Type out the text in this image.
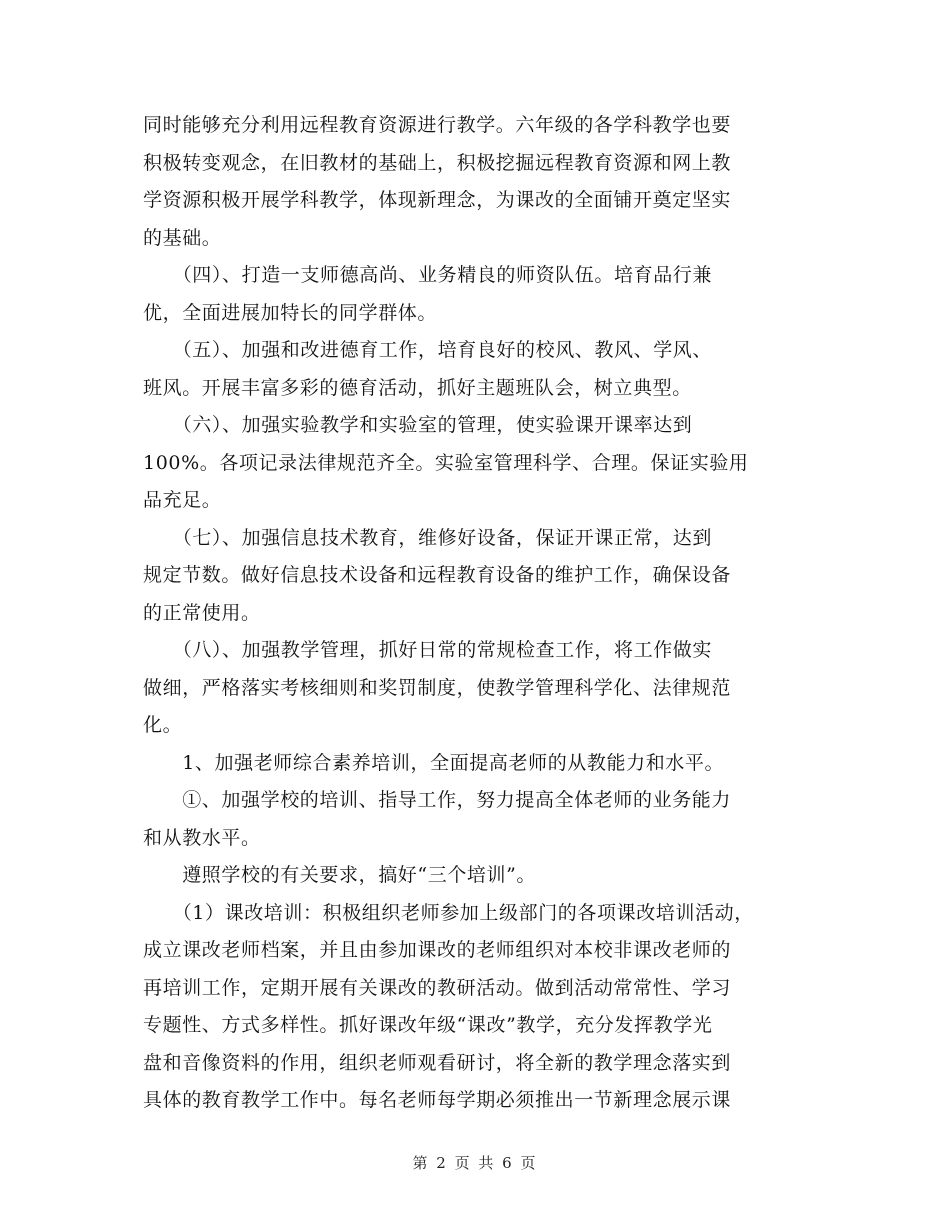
同时能够充分利用远程教育资源进行教学。六年级的各学科教学也要
积极转变观念，在旧教材的基础上，积极挖掘远程教育资源和网上教
学资源积极开展学科教学，体现新理念，为课改的全面铺开奠定坚实
的基础。
　　（四）、打造一支师德高尚、业务精良的师资队伍。培育品行兼
优，全面进展加特长的同学群体。
　　（五）、加强和改进德育工作，培育良好的校风、教风、学风、
班风。开展丰富多彩的德育活动，抓好主题班队会，树立典型。
　　（六）、加强实验教学和实验室的管理，使实验课开课率达到
100%。各项记录法律规范齐全。实验室管理科学、合理。保证实验用
品充足。
　　（七）、加强信息技术教育，维修好设备，保证开课正常，达到
规定节数。做好信息技术设备和远程教育设备的维护工作，确保设备
的正常使用。
　　（八）、加强教学管理，抓好日常的常规检查工作，将工作做实
做细，严格落实考核细则和奖罚制度，使教学管理科学化、法律规范
化。
　　1、加强老师综合素养培训，全面提高老师的从教能力和水平。
　　①、加强学校的培训、指导工作，努力提高全体老师的业务能力
和从教水平。
　　遵照学校的有关要求，搞好“三个培训”。
　　（1）课改培训：积极组织老师参加上级部门的各项课改培训活动，
成立课改老师档案，并且由参加课改的老师组织对本校非课改老师的
再培训工作，定期开展有关课改的教研活动。做到活动常常性、学习
专题性、方式多样性。抓好课改年级“课改”教学，充分发挥教学光
盘和音像资料的作用，组织老师观看研讨，将全新的教学理念落实到
具体的教育教学工作中。每名老师每学期必须推出一节新理念展示课
第 2 页 共 6 页
